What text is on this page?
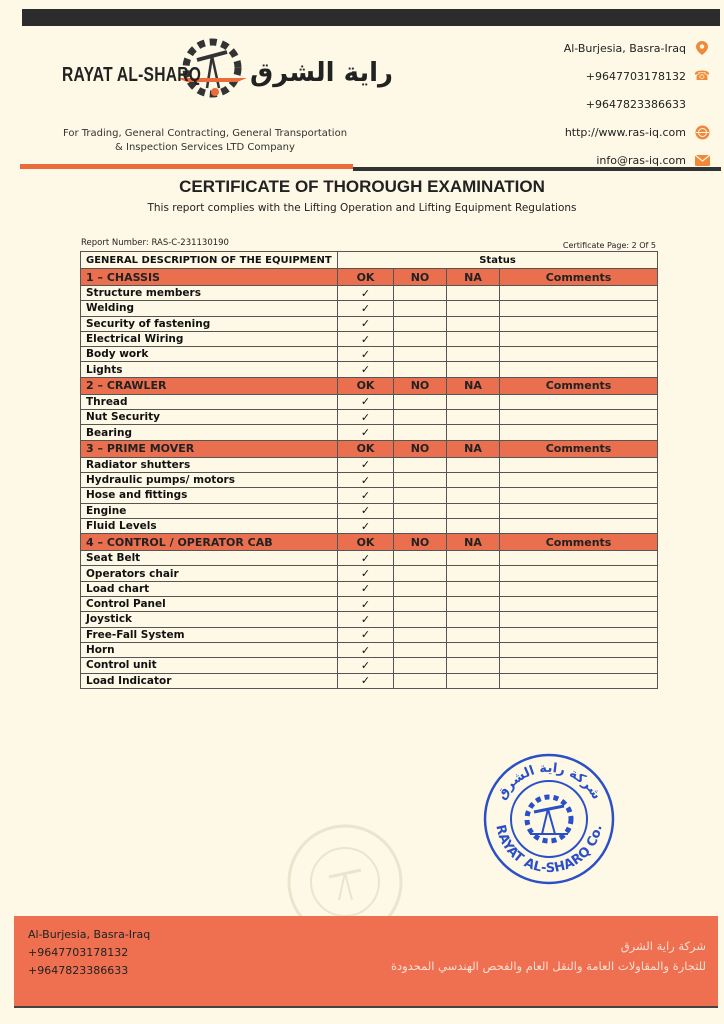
RAYAT AL-SHARQ راية الشرق
For Trading, General Contracting, General Transportation
& Inspection Services LTD Company
Al-Burjesia, Basra-Iraq
+9647703178132 ☎
+9647823386633
http://www.ras-iq.com
info@ras-iq.com
CERTIFICATE OF THOROUGH EXAMINATION
This report complies with the Lifting Operation and Lifting Equipment Regulations
Report Number: RAS-C-231130190	Certificate Page: 2 Of 5
GENERAL DESCRIPTION OF THE EQUIPMENT	Status			
1 – CHASSIS	OK	NO	NA	Comments
Structure members	✓			
Welding	✓			
Security of fastening	✓			
Electrical Wiring	✓			
Body work	✓			
Lights	✓			
2 – CRAWLER	OK	NO	NA	Comments
Thread	✓			
Nut Security	✓			
Bearing	✓			
3 – PRIME MOVER	OK	NO	NA	Comments
Radiator shutters	✓			
Hydraulic pumps/ motors	✓			
Hose and fittings	✓			
Engine	✓			
Fluid Levels	✓			
4 – CONTROL / OPERATOR CAB	OK	NO	NA	Comments
Seat Belt	✓			
Operators chair	✓			
Load chart	✓			
Control Panel	✓			
Joystick	✓			
Free-Fall System	✓			
Horn	✓			
Control unit	✓			
Load Indicator	✓			
RAYAT AL-SHARQ Co.
شركة راية الشرق
Al-Burjesia, Basra-Iraq
+9647703178132
+9647823386633
شركة راية الشرق
للتجارة والمقاولات العامة والنقل العام والفحص الهندسي المحدودة
